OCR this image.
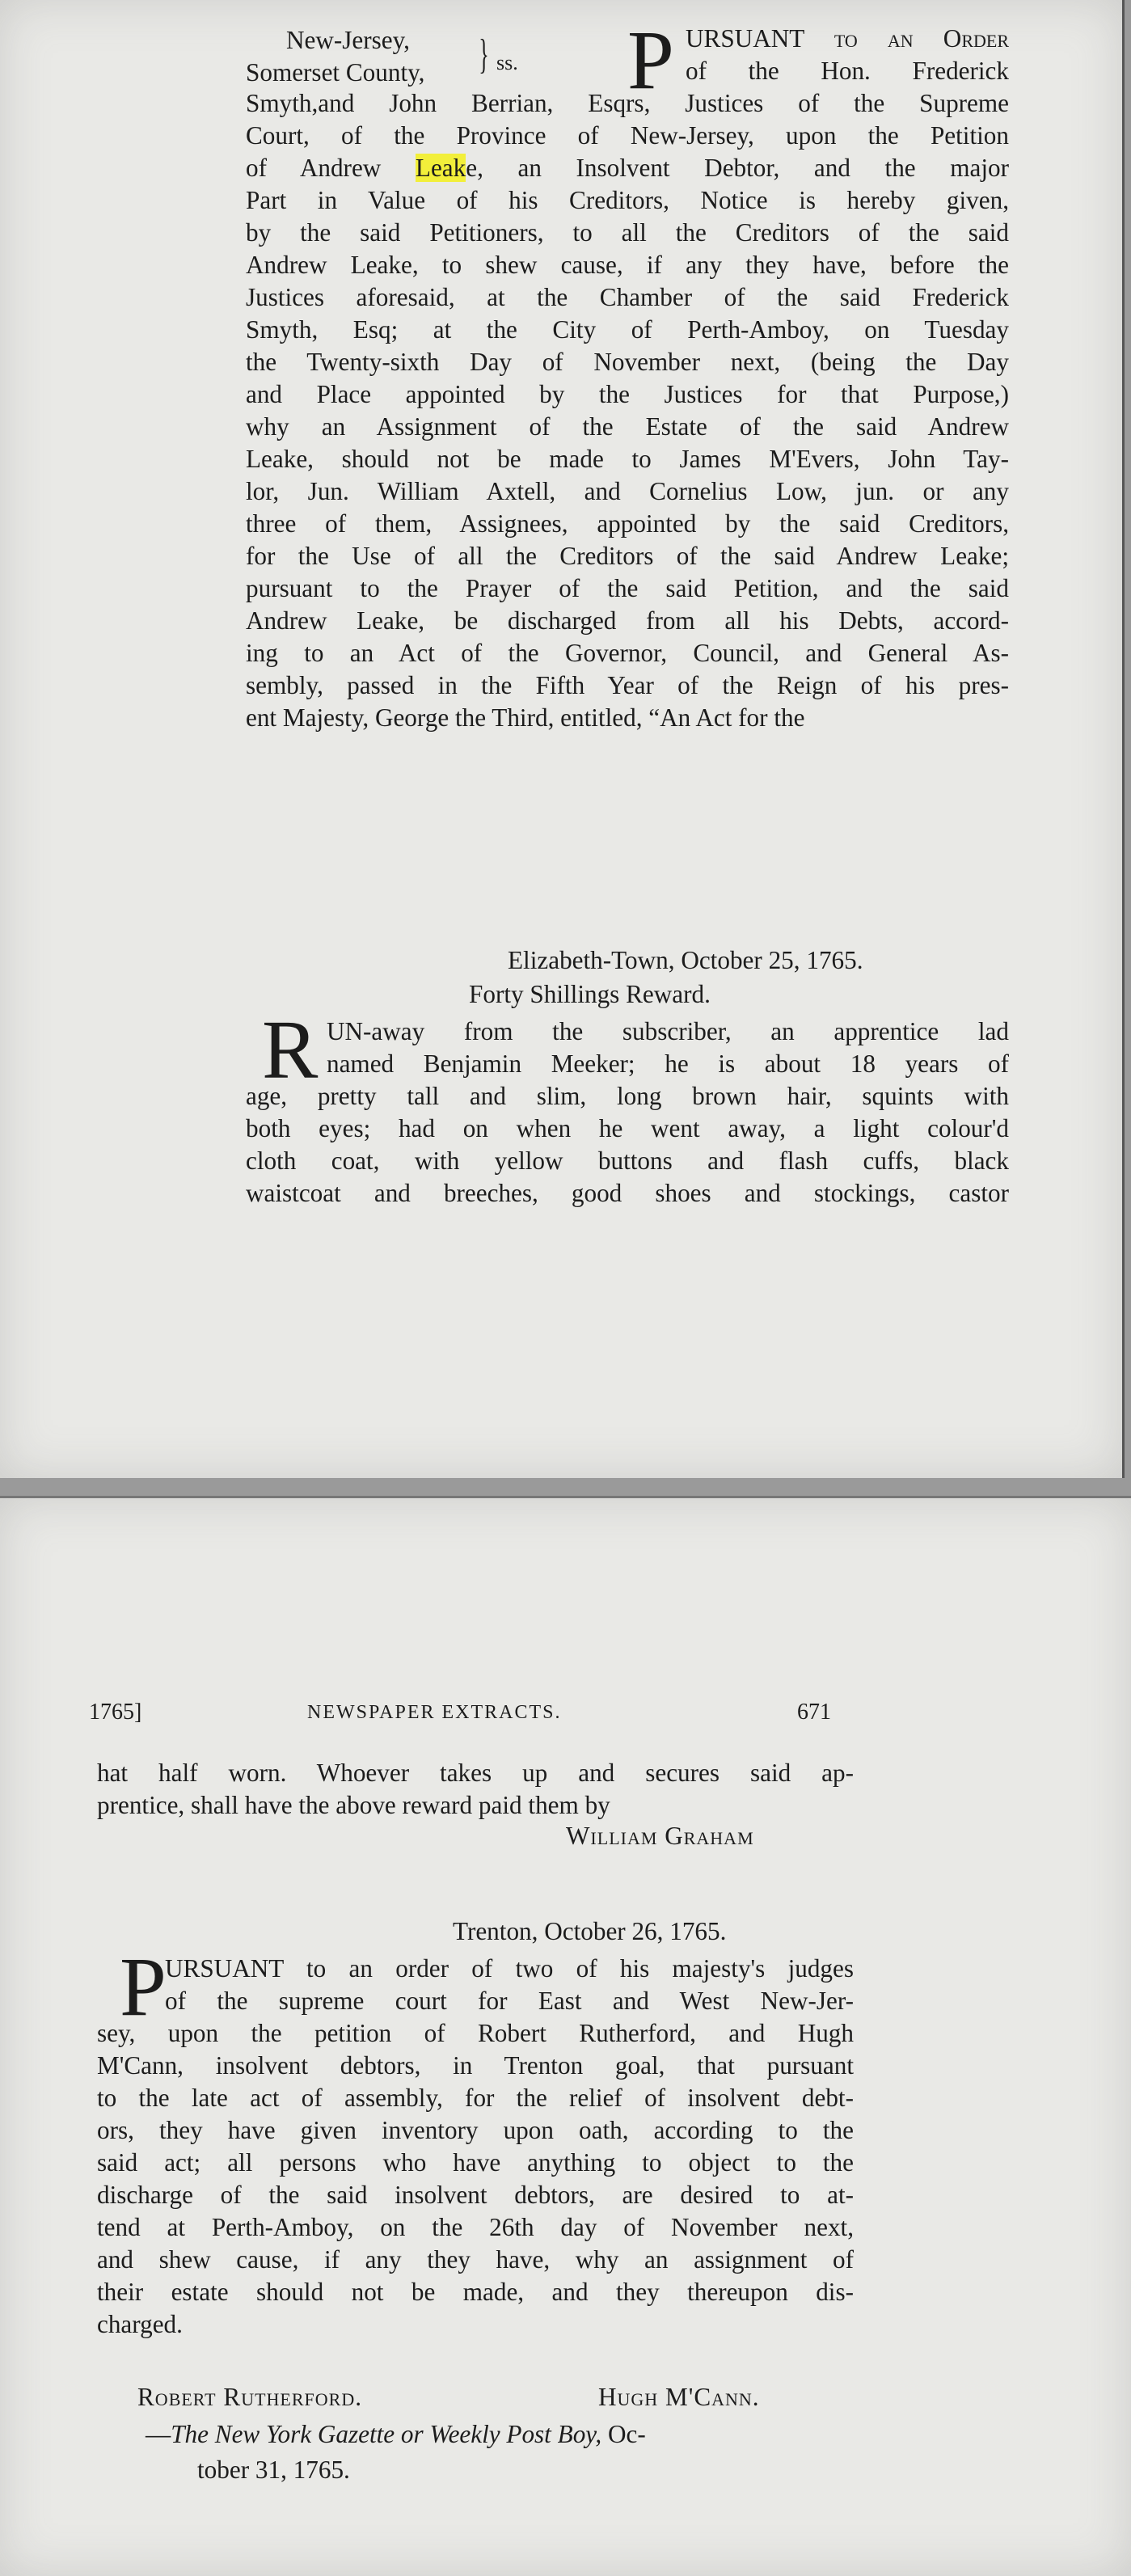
New-Jersey,
Somerset County, } ss. P URSUANT to an Order
of the Hon. Frederick
Smyth,and John Berrian, Esqrs, Justices of the Supreme
Court, of the Province of New-Jersey, upon the Petition
of Andrew Leake, an Insolvent Debtor, and the major
Part in Value of his Creditors, Notice is hereby given,
by the said Petitioners, to all the Creditors of the said
Andrew Leake, to shew cause, if any they have, before the
Justices aforesaid, at the Chamber of the said Frederick
Smyth, Esq; at the City of Perth-Amboy, on Tuesday
the Twenty-sixth Day of November next, (being the Day
and Place appointed by the Justices for that Purpose,)
why an Assignment of the Estate of the said Andrew
Leake, should not be made to James M'Evers, John Tay-
lor, Jun. William Axtell, and Cornelius Low, jun. or any
three of them, Assignees, appointed by the said Creditors,
for the Use of all the Creditors of the said Andrew Leake;
pursuant to the Prayer of the said Petition, and the said
Andrew Leake, be discharged from all his Debts, accord-
ing to an Act of the Governor, Council, and General As-
sembly, passed in the Fifth Year of the Reign of his pres-
ent Majesty, George the Third, entitled, “An Act for the
Elizabeth-Town, October 25, 1765.
Forty Shillings Reward.
R UN-away from the subscriber, an apprentice lad
named Benjamin Meeker; he is about 18 years of
age, pretty tall and slim, long brown hair, squints with
both eyes; had on when he went away, a light colour'd
cloth coat, with yellow buttons and flash cuffs, black
waistcoat and breeches, good shoes and stockings, castor
1765]	NEWSPAPER EXTRACTS.	671
hat half worn. Whoever takes up and secures said ap-
prentice, shall have the above reward paid them by
William Graham
Trenton, October 26, 1765.
P
URSUANT to an order of two of his majesty's judges
of the supreme court for East and West New-Jer-
sey, upon the petition of Robert Rutherford, and Hugh
M'Cann, insolvent debtors, in Trenton goal, that pursuant
to the late act of assembly, for the relief of insolvent debt-
ors, they have given inventory upon oath, according to the
said act; all persons who have anything to object to the
discharge of the said insolvent debtors, are desired to at-
tend at Perth-Amboy, on the 26th day of November next,
and shew cause, if any they have, why an assignment of
their estate should not be made, and they thereupon dis-
charged.
Robert Rutherford.	Hugh M'Cann.
—The New York Gazette or Weekly Post Boy, Oc-
tober 31, 1765.
